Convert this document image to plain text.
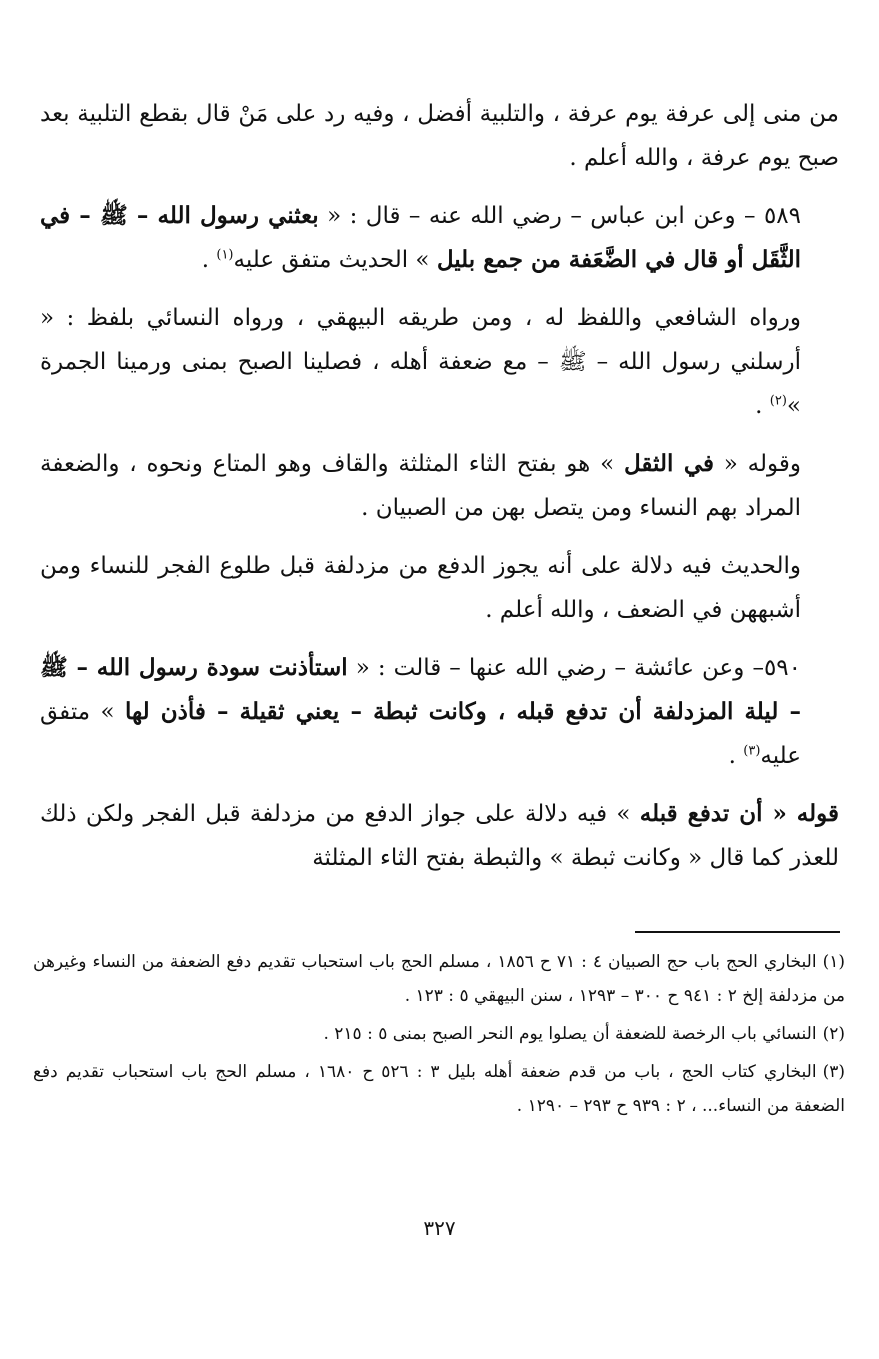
من منى إلى عرفة يوم عرفة ، والتلبية أفضل ، وفيه رد على مَنْ قال بقطع التلبية بعد صبح يوم عرفة ، والله أعلم .

٥٨٩ – وعن ابن عباس – رضي الله عنه – قال : « بعثني رسول الله – ﷺ – في الثَّقَل أو قال في الضَّعَفة من جمع بليل » الحديث متفق عليه$^{(١)}$ .

ورواه الشافعي واللفظ له ، ومن طريقه البيهقي ، ورواه النسائي بلفظ : « أرسلني رسول الله – ﷺ – مع ضعفة أهله ، فصلينا الصبح بمنى ورمينا الجمرة »$^{(٢)}$ .

وقوله « في الثقل » هو بفتح الثاء المثلثة والقاف وهو المتاع ونحوه ، والضعفة المراد بهم النساء ومن يتصل بهن من الصبيان .

والحديث فيه دلالة على أنه يجوز الدفع من مزدلفة قبل طلوع الفجر للنساء ومن أشبههن في الضعف ، والله أعلم .

٥٩٠– وعن عائشة – رضي الله عنها – قالت : « استأذنت سودة رسول الله – ﷺ – ليلة المزدلفة أن تدفع قبله ، وكانت ثبطة – يعني ثقيلة – فأذن لها » متفق عليه$^{(٣)}$ .

قوله « أن تدفع قبله » فيه دلالة على جواز الدفع من مزدلفة قبل الفجر ولكن ذلك للعذر كما قال « وكانت ثبطة » والثبطة بفتح الثاء المثلثة

(١)البخاري الحج باب حج الصبيان ٤ : ٧١ ح ١٨٥٦ ، مسلم الحج باب استحباب تقديم دفع الضعفة من النساء وغيرهن من مزدلفة إلخ ٢ : ٩٤١ ح ٣٠٠ – ١٢٩٣ ، سنن البيهقي ٥ : ١٢٣ .

(٢)النسائي باب الرخصة للضعفة أن يصلوا يوم النحر الصبح بمنى ٥ : ٢١٥ .

(٣)البخاري كتاب الحج ، باب من قدم ضعفة أهله بليل ٣ : ٥٢٦ ح ١٦٨٠ ، مسلم الحج باب استحباب تقديم دفع الضعفة من النساء... ، ٢ : ٩٣٩ ح ٢٩٣ – ١٢٩٠ .

٣٢٧
